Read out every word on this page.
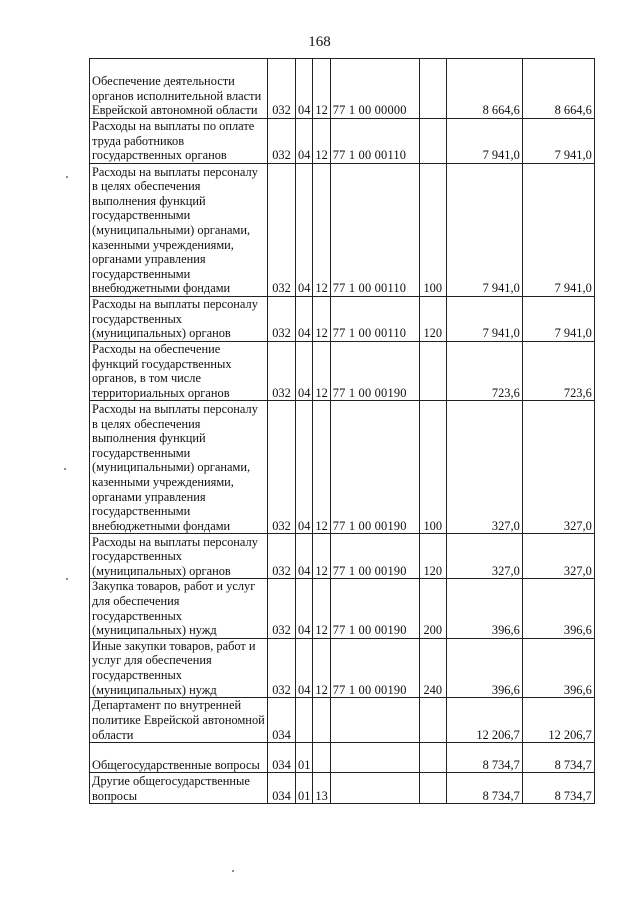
168
Обеспечение деятельности органов исполнительной власти Еврейской автономной области	032	04	12	77 1 00 00000		8 664,6	8 664,6
Расходы на выплаты по оплате труда работников государственных органов	032	04	12	77 1 00 00110		7 941,0	7 941,0
Расходы на выплаты персоналу в целях обеспечения выполнения функций государственными (муниципальными) органами, казенными учреждениями, органами управления государственными внебюджетными фондами	032	04	12	77 1 00 00110	100	7 941,0	7 941,0
Расходы на выплаты персоналу государственных (муниципальных) органов	032	04	12	77 1 00 00110	120	7 941,0	7 941,0
Расходы на обеспечение функций государственных органов, в том числе территориальных органов	032	04	12	77 1 00 00190		723,6	723,6
Расходы на выплаты персоналу в целях обеспечения выполнения функций государственными (муниципальными) органами, казенными учреждениями, органами управления государственными внебюджетными фондами	032	04	12	77 1 00 00190	100	327,0	327,0
Расходы на выплаты персоналу государственных (муниципальных) органов	032	04	12	77 1 00 00190	120	327,0	327,0
Закупка товаров, работ и услуг для обеспечения государственных (муниципальных) нужд	032	04	12	77 1 00 00190	200	396,6	396,6
Иные закупки товаров, работ и услуг для обеспечения государственных (муниципальных) нужд	032	04	12	77 1 00 00190	240	396,6	396,6
Департамент по внутренней политике Еврейской автономной области	034					12 206,7	12 206,7
Общегосударственные вопросы	034	01				8 734,7	8 734,7
Другие общегосударственные вопросы	034	01	13			8 734,7	8 734,7
